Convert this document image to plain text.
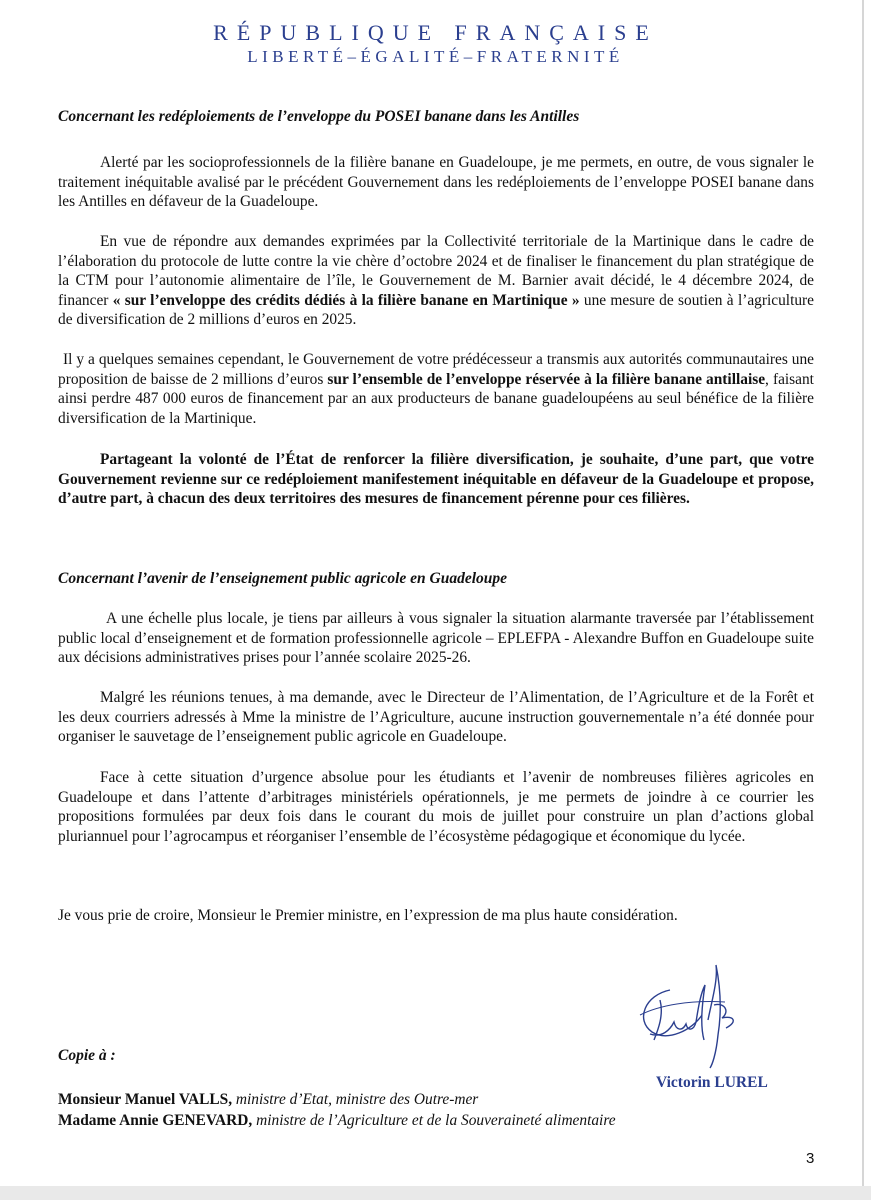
RÉPUBLIQUE FRANÇAISE
LIBERTÉ–ÉGALITÉ–FRATERNITÉ
Concernant les redéploiements de l’enveloppe du POSEI banane dans les Antilles

Alerté par les socioprofessionnels de la filière banane en Guadeloupe, je me permets, en outre, de vous signaler le traitement inéquitable avalisé par le précédent Gouvernement dans les redéploiements de l’enveloppe POSEI banane dans les Antilles en défaveur de la Guadeloupe.

En vue de répondre aux demandes exprimées par la Collectivité territoriale de la Martinique dans le cadre de l’élaboration du protocole de lutte contre la vie chère d’octobre 2024 et de finaliser le financement du plan stratégique de la CTM pour l’autonomie alimentaire de l’île, le Gouvernement de M. Barnier avait décidé, le 4 décembre 2024, de financer « sur l’enveloppe des crédits dédiés à la filière banane en Martinique » une mesure de soutien à l’agriculture de diversification de 2 millions d’euros en 2025.

Il y a quelques semaines cependant, le Gouvernement de votre prédécesseur a transmis aux autorités communautaires une proposition de baisse de 2 millions d’euros sur l’ensemble de l’enveloppe réservée à la filière banane antillaise, faisant ainsi perdre 487 000 euros de financement par an aux producteurs de banane guadeloupéens au seul bénéfice de la filière diversification de la Martinique.

Partageant la volonté de l’État de renforcer la filière diversification, je souhaite, d’une part, que votre Gouvernement revienne sur ce redéploiement manifestement inéquitable en défaveur de la Guadeloupe et propose, d’autre part, à chacun des deux territoires des mesures de financement pérenne pour ces filières.

Concernant l’avenir de l’enseignement public agricole en Guadeloupe

A une échelle plus locale, je tiens par ailleurs à vous signaler la situation alarmante traversée par l’établissement public local d’enseignement et de formation professionnelle agricole – EPLEFPA - Alexandre Buffon en Guadeloupe suite aux décisions administratives prises pour l’année scolaire 2025-26.

Malgré les réunions tenues, à ma demande, avec le Directeur de l’Alimentation, de l’Agriculture et de la Forêt et les deux courriers adressés à Mme la ministre de l’Agriculture, aucune instruction gouvernementale n’a été donnée pour organiser le sauvetage de l’enseignement public agricole en Guadeloupe.

Face à cette situation d’urgence absolue pour les étudiants et l’avenir de nombreuses filières agricoles en Guadeloupe et dans l’attente d’arbitrages ministériels opérationnels, je me permets de joindre à ce courrier les propositions formulées par deux fois dans le courant du mois de juillet pour construire un plan d’actions global pluriannuel pour l’agrocampus et réorganiser l’ensemble de l’écosystème pédagogique et économique du lycée.

Je vous prie de croire, Monsieur le Premier ministre, en l’expression de ma plus haute considération.
Victorin LUREL
Copie à :
Monsieur Manuel VALLS, ministre d’Etat, ministre des Outre-mer
Madame Annie GENEVARD, ministre de l’Agriculture et de la Souveraineté alimentaire
3
